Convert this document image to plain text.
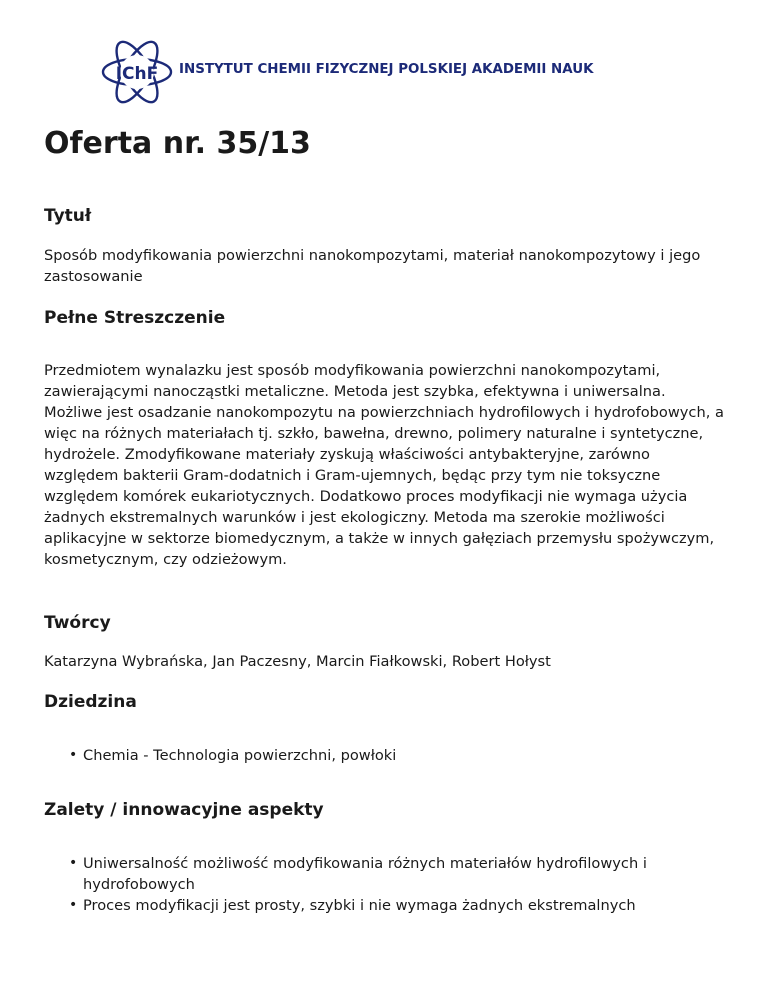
IChF INSTYTUT CHEMII FIZYCZNEJ POLSKIEJ AKADEMII NAUK
Oferta nr. 35/13
Tytuł

Sposób modyfikowania powierzchni nanokompozytami, materiał nanokompozytowy i jego zastosowanie

Pełne Streszczenie

Przedmiotem wynalazku jest sposób modyfikowania powierzchni nanokompozytami, zawierającymi nanocząstki metaliczne. Metoda jest szybka, efektywna i uniwersalna. Możliwe jest osadzanie nanokompozytu na powierzchniach hydrofilowych i hydrofobowych, a więc na różnych materiałach tj. szkło, bawełna, drewno, polimery naturalne i syntetyczne, hydrożele. Zmodyfikowane materiały zyskują właściwości antybakteryjne, zarówno względem bakterii Gram-dodatnich i Gram-ujemnych, będąc przy tym nie toksyczne względem komórek eukariotycznych. Dodatkowo proces modyfikacji nie wymaga użycia żadnych ekstremalnych warunków i jest ekologiczny. Metoda ma szerokie możliwości aplikacyjne w sektorze biomedycznym, a także w innych gałęziach przemysłu spożywczym, kosmetycznym, czy odzieżowym.

Twórcy

Katarzyna Wybrańska, Jan Paczesny, Marcin Fiałkowski, Robert Hołyst

Dziedzina
• Chemia - Technologia powierzchni, powłoki
Zalety / innowacyjne aspekty
• Uniwersalność możliwość modyfikowania różnych materiałów hydrofilowych i hydrofobowych
• Proces modyfikacji jest prosty, szybki i nie wymaga żadnych ekstremalnych
